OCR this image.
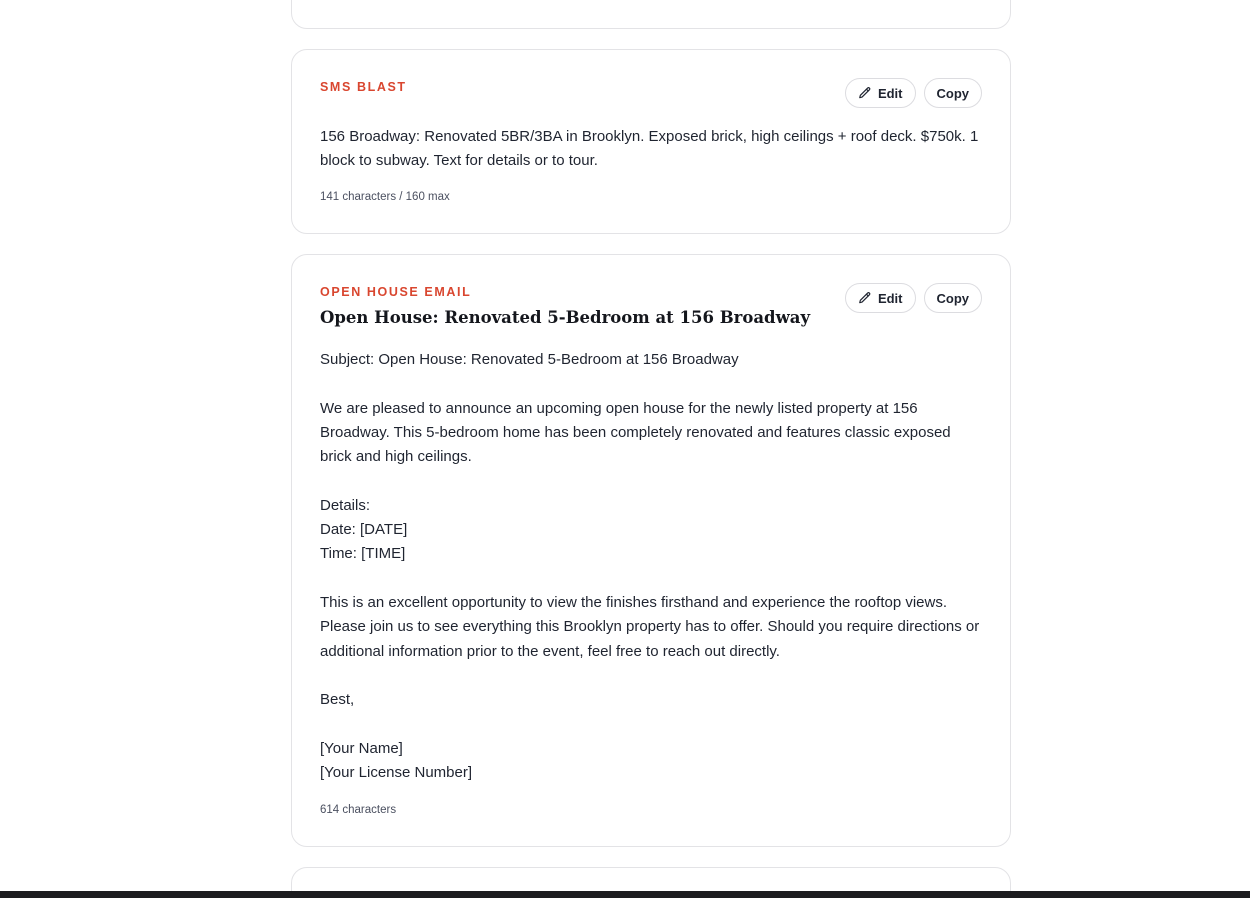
SMS BLAST	Edit	Copy
156 Broadway: Renovated 5BR/3BA in Brooklyn. Exposed brick, high ceilings + roof deck. $750k. 1 block to subway. Text for details or to tour.
141 characters / 160 max
OPEN HOUSE EMAIL	Edit	Copy
Open House: Renovated 5-Bedroom at 156 Broadway
Subject: Open House: Renovated 5-Bedroom at 156 Broadway

We are pleased to announce an upcoming open house for the newly listed property at 156 Broadway. This 5-bedroom home has been completely renovated and features classic exposed brick and high ceilings.

Details:
Date: [DATE]
Time: [TIME]

This is an excellent opportunity to view the finishes firsthand and experience the rooftop views. Please join us to see everything this Brooklyn property has to offer. Should you require directions or additional information prior to the event, feel free to reach out directly.

Best,

[Your Name]
[Your License Number]
614 characters
